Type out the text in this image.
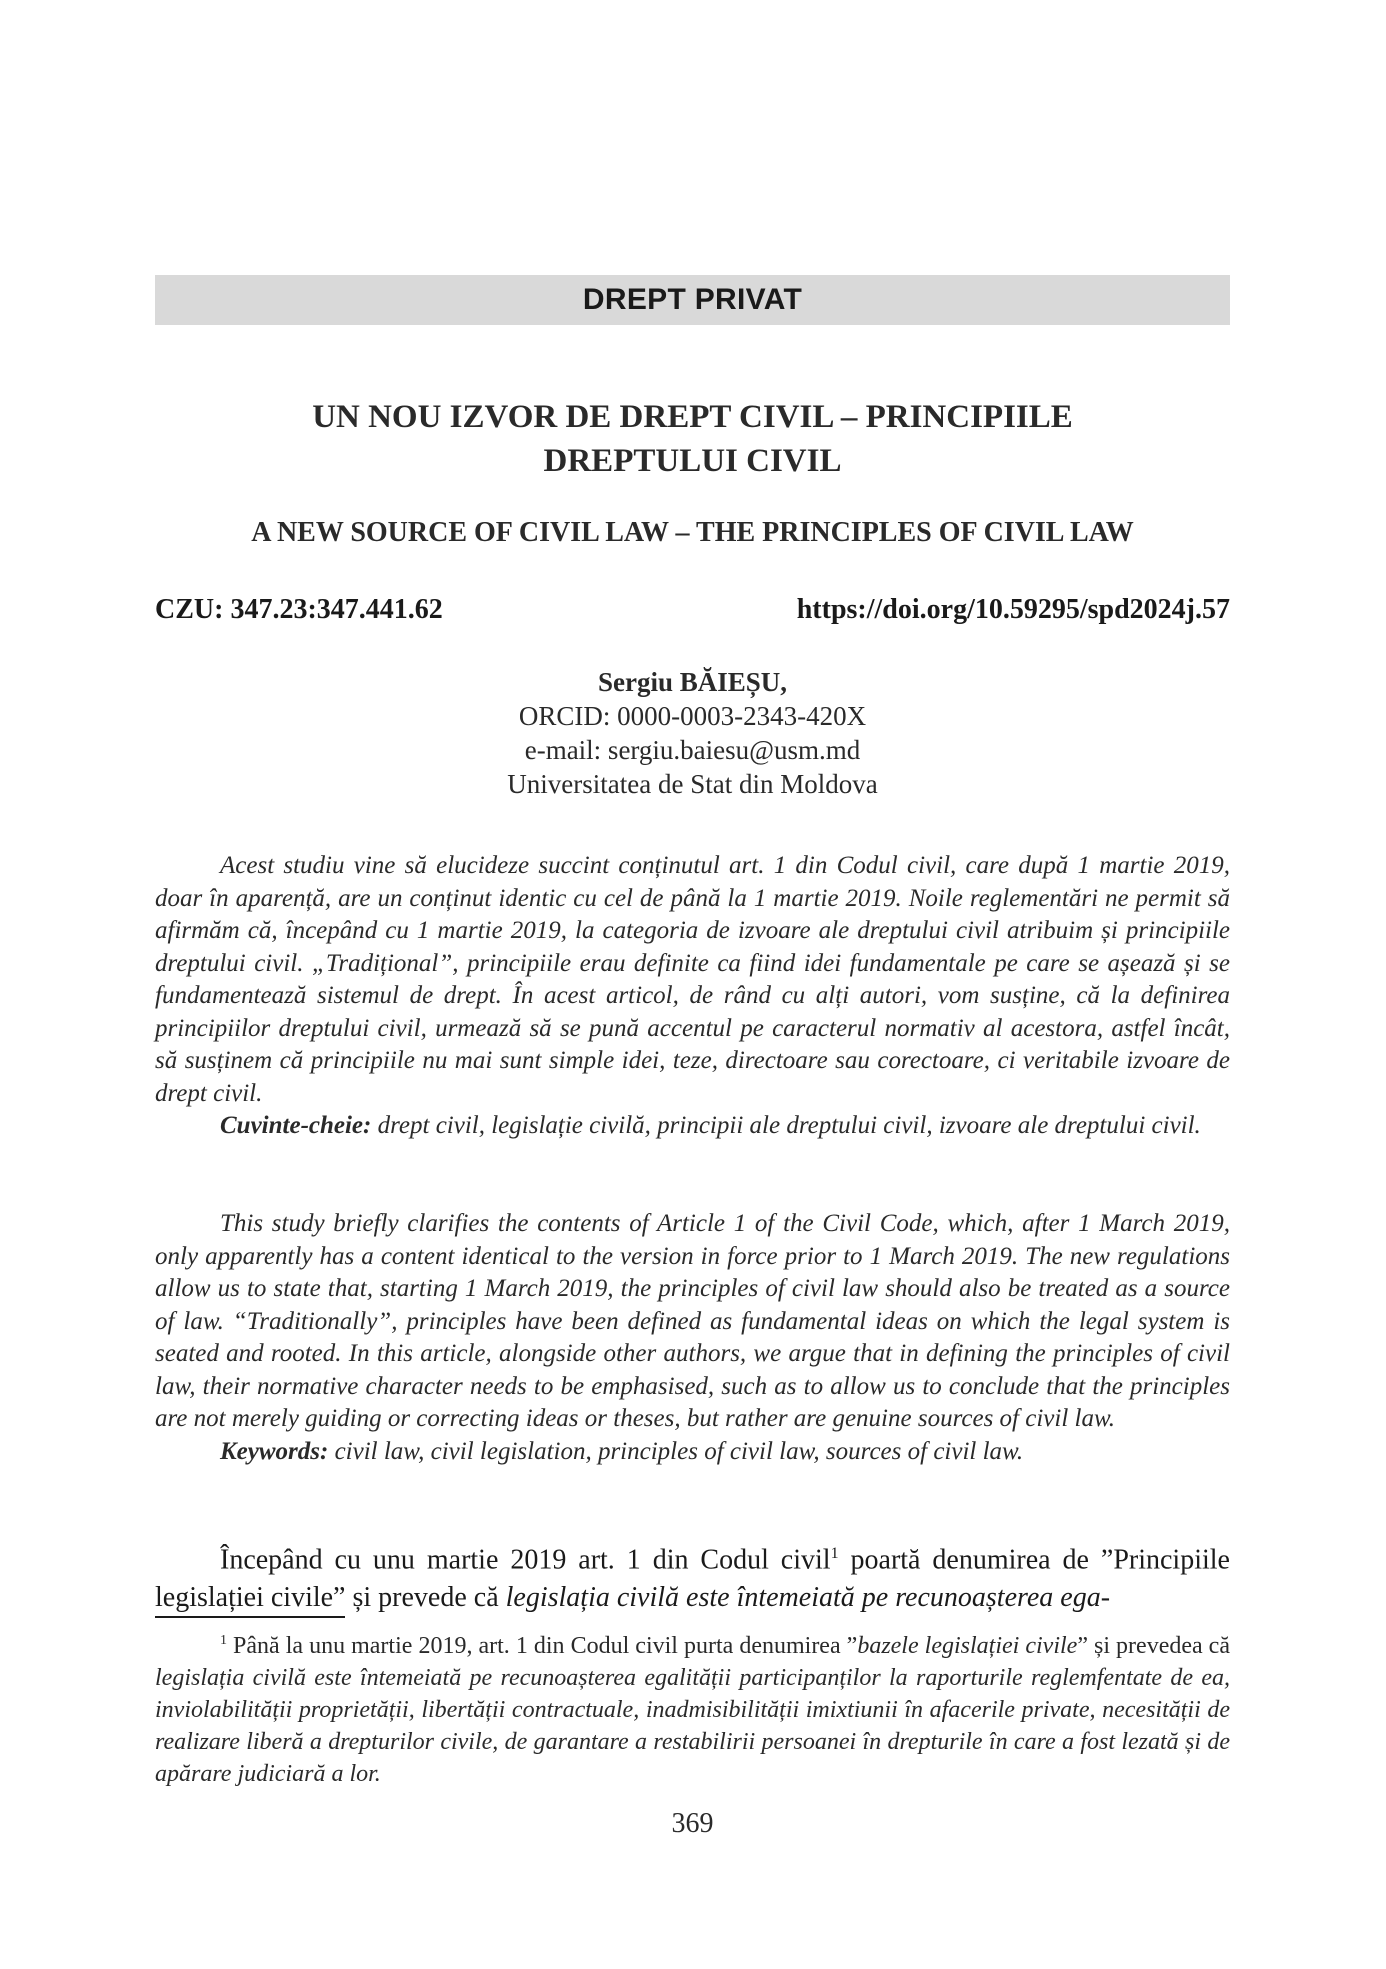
DREPT PRIVAT
UN NOU IZVOR DE DREPT CIVIL – PRINCIPIILE
DREPTULUI CIVIL
A NEW SOURCE OF CIVIL LAW – THE PRINCIPLES OF CIVIL LAW
CZU: 347.23:347.441.62	https://doi.org/10.59295/spd2024j.57
Sergiu BĂIEȘU,
ORCID: 0000-0003-2343-420X
e-mail: sergiu.baiesu@usm.md
Universitatea de Stat din Moldova

Acest studiu vine să elucideze succint conținutul art. 1 din Codul civil, care după 1 martie 2019, doar în aparență, are un conținut identic cu cel de până la 1 martie 2019. Noile reglementări ne permit să afirmăm că, începând cu 1 martie 2019, la categoria de izvoare ale dreptului civil atribuim și principiile dreptului civil. „Tradițional”, principiile erau definite ca fiind idei fundamentale pe care se așează și se fundamentează sistemul de drept. În acest articol, de rând cu alți autori, vom susține, că la definirea principiilor dreptului civil, urmează să se pună accentul pe caracterul normativ al acestora, astfel încât, să susținem că principiile nu mai sunt simple idei, teze, directoare sau corectoare, ci veritabile izvoare de drept civil.

Cuvinte-cheie: drept civil, legislație civilă, principii ale dreptului civil, izvoare ale dreptului civil.

This study briefly clarifies the contents of Article 1 of the Civil Code, which, after 1 March 2019, only apparently has a content identical to the version in force prior to 1 March 2019. The new regulations allow us to state that, starting 1 March 2019, the principles of civil law should also be treated as a source of law. “Traditionally”, principles have been defined as fundamental ideas on which the legal system is seated and rooted. In this article, alongside other authors, we argue that in defining the principles of civil law, their normative character needs to be emphasised, such as to allow us to conclude that the principles are not merely guiding or correcting ideas or theses, but rather are genuine sources of civil law.

Keywords: civil law, civil legislation, principles of civil law, sources of civil law.

Începând cu unu martie 2019 art. 1 din Codul civil$^1$ poartă denumirea de ”Principiile legislației civile” și prevede că legislația civilă este întemeiată pe recunoașterea ega-

$^1$ Până la unu martie 2019, art. 1 din Codul civil purta denumirea ”bazele legislației civile” și prevedea că legislația civilă este întemeiată pe recunoașterea egalității participanților la raporturile reglemfentate de ea, inviolabilității proprietății, libertății contractuale, inadmisibilității imixtiunii în afacerile private, necesității de realizare liberă a drepturilor civile, de garantare a restabilirii persoanei în drepturile în care a fost lezată și de apărare judiciară a lor.

369
